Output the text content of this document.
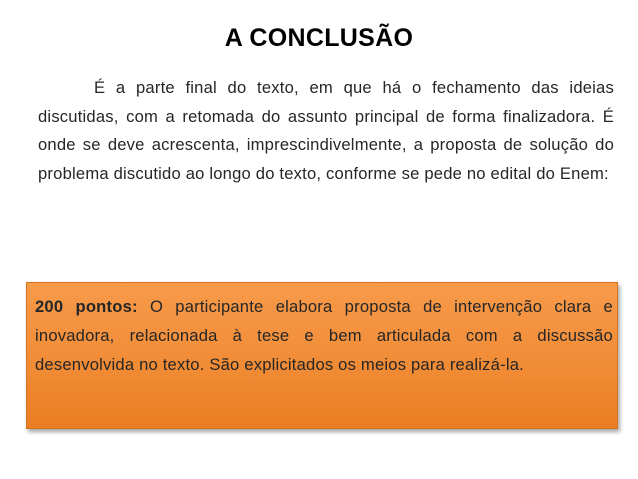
A CONCLUSÃO

É a parte final do texto, em que há o fechamento das ideias discutidas, com a retomada do assunto principal de forma finalizadora. É onde se deve acrescenta, imprescindivelmente, a proposta de solução do problema discutido ao longo do texto, conforme se pede no edital do Enem:

200 pontos: O participante elabora proposta de intervenção clara e inovadora, relacionada à tese e bem articulada com a discussão desenvolvida no texto. São explicitados os meios para realizá-la.
